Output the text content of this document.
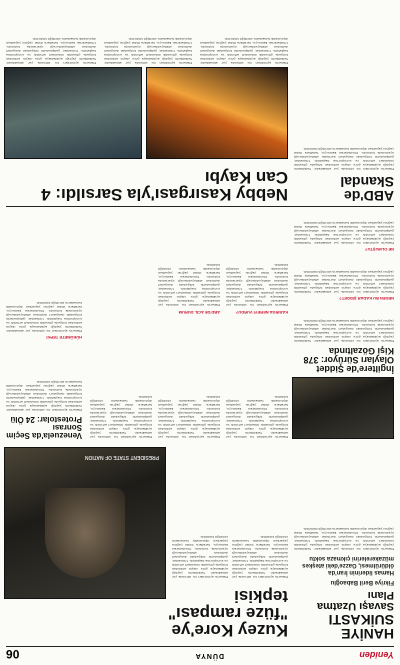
Yeniden
DÜNYA
06
HANİYE SUİKASTI
Savaşı Uzatma Planı
Fikriye Beril Babaoğlu
Hamas liderinin İran'da öldürülmesi, Gazze'deki ateşkes müzakerelerini çıkmaza soktu
Haberin ayrıntıları bu sütunda yer almaktadır. Yetkililerin yaptığı açıklamaya göre olayın ardından bölgede güvenlik önlemleri artırıldı ve soruşturma başlatıldı. Uzmanlar, gelişmelerin bölgedeki dengeleri derinden etkileyebileceği uyarısında bulundu. Uluslararası kamuoyu, taraflara itidal çağrısı yaparken diplomatik temasların sürdüğü bildirildi.
Kuzey Kore'ye "füze rampası" tepkisi
Haberin ayrıntıları bu sütunda yer almaktadır. Yetkililerin yaptığı açıklamaya göre olayın ardından bölgede güvenlik önlemleri artırıldı ve soruşturma başlatıldı. Uzmanlar, gelişmelerin bölgedeki dengeleri derinden etkileyebileceği uyarısında bulundu. Uluslararası kamuoyu, taraflara itidal çağrısı yaparken diplomatik temasların sürdüğü bildirildi.
Haberin ayrıntıları bu sütunda yer almaktadır. Yetkililerin yaptığı açıklamaya göre olayın ardından bölgede güvenlik önlemleri artırıldı ve soruşturma başlatıldı. Uzmanlar, gelişmelerin bölgedeki dengeleri derinden etkileyebileceği uyarısında bulundu. Uluslararası kamuoyu, taraflara itidal çağrısı yaparken diplomatik temasların sürdüğü bildirildi.
PRESIDENT STATE OF NATION
İngiltere'de Şiddet Olayları Sürüyor: 378 Kişi Gözaltında
Haberin ayrıntıları bu sütunda yer almaktadır. Yetkililerin yaptığı açıklamaya göre olayın ardından bölgede güvenlik önlemleri artırıldı ve soruşturma başlatıldı. Uzmanlar, gelişmelerin bölgedeki dengeleri derinden etkileyebileceği uyarısında bulundu. Uluslararası kamuoyu, taraflara itidal çağrısı yaparken diplomatik temasların sürdüğü bildirildi.
NEDEN BU KADAR ŞİDDET?
Haberin ayrıntıları bu sütunda yer almaktadır. Yetkililerin yaptığı açıklamaya göre olayın ardından bölgede güvenlik önlemleri artırıldı ve soruşturma başlatıldı. Uzmanlar, gelişmelerin bölgedeki dengeleri derinden etkileyebileceği uyarısında bulundu. Uluslararası kamuoyu, taraflara itidal çağrısı yaparken diplomatik temasların sürdüğü bildirildi.
NE OLMUŞTU?
Haberin ayrıntıları bu sütunda yer almaktadır. Yetkililerin yaptığı açıklamaya göre olayın ardından bölgede güvenlik önlemleri artırıldı ve soruşturma başlatıldı. Uzmanlar, gelişmelerin bölgedeki dengeleri derinden etkileyebileceği uyarısında bulundu. Uluslararası kamuoyu, taraflara itidal çağrısı yaparken diplomatik temasların sürdüğü bildirildi.
Haberin ayrıntıları bu sütunda yer almaktadır. Yetkililerin yaptığı açıklamaya göre olayın ardından bölgede güvenlik önlemleri artırıldı ve soruşturma başlatıldı. Uzmanlar, gelişmelerin bölgedeki dengeleri derinden etkileyebileceği uyarısında bulundu. Uluslararası kamuoyu, taraflara itidal çağrısı yaparken diplomatik temasların sürdüğü bildirildi.
KASIRGA NEREYİ VURDU?
Haberin ayrıntıları bu sütunda yer almaktadır. Yetkililerin yaptığı açıklamaya göre olayın ardından bölgede güvenlik önlemleri artırıldı ve soruşturma başlatıldı. Uzmanlar, gelişmelerin bölgedeki dengeleri derinden etkileyebileceği uyarısında bulundu. Uluslararası kamuoyu, taraflara itidal çağrısı yaparken diplomatik temasların sürdüğü bildirildi.
Haberin ayrıntıları bu sütunda yer almaktadır. Yetkililerin yaptığı açıklamaya göre olayın ardından bölgede güvenlik önlemleri artırıldı ve soruşturma başlatıldı. Uzmanlar, gelişmelerin bölgedeki dengeleri derinden etkileyebileceği uyarısında bulundu. Uluslararası kamuoyu, taraflara itidal çağrısı yaparken diplomatik temasların sürdüğü bildirildi.
ABD'DE ACİL DURUM
Haberin ayrıntıları bu sütunda yer almaktadır. Yetkililerin yaptığı açıklamaya göre olayın ardından bölgede güvenlik önlemleri artırıldı ve soruşturma başlatıldı. Uzmanlar, gelişmelerin bölgedeki dengeleri derinden etkileyebileceği uyarısında bulundu. Uluslararası kamuoyu, taraflara itidal çağrısı yaparken diplomatik temasların sürdüğü bildirildi.
Haberin ayrıntıları bu sütunda yer almaktadır. Yetkililerin yaptığı açıklamaya göre olayın ardından bölgede güvenlik önlemleri artırıldı ve soruşturma başlatıldı. Uzmanlar, gelişmelerin bölgedeki dengeleri derinden etkileyebileceği uyarısında bulundu. Uluslararası kamuoyu, taraflara itidal çağrısı yaparken diplomatik temasların sürdüğü bildirildi.
Venezuela'da Seçim Sonrası Protestolar: 24 Ölü
Haberin ayrıntıları bu sütunda yer almaktadır. Yetkililerin yaptığı açıklamaya göre olayın ardından bölgede güvenlik önlemleri artırıldı ve soruşturma başlatıldı. Uzmanlar, gelişmelerin bölgedeki dengeleri derinden etkileyebileceği uyarısında bulundu. Uluslararası kamuoyu, taraflara itidal çağrısı yaparken diplomatik temasların sürdüğü bildirildi.
HÜKÜMETE TEPKİ
Haberin ayrıntıları bu sütunda yer almaktadır. Yetkililerin yaptığı açıklamaya göre olayın ardından bölgede güvenlik önlemleri artırıldı ve soruşturma başlatıldı. Uzmanlar, gelişmelerin bölgedeki dengeleri derinden etkileyebileceği uyarısında bulundu. Uluslararası kamuoyu, taraflara itidal çağrısı yaparken diplomatik temasların sürdüğü bildirildi.
Nebby Kasırgası'yla Sarsıldı: 4 Can Kaybı
ABD'de Skandal
Haberin ayrıntıları bu sütunda yer almaktadır. Yetkililerin yaptığı açıklamaya göre olayın ardından bölgede güvenlik önlemleri artırıldı ve soruşturma başlatıldı. Uzmanlar, gelişmelerin bölgedeki dengeleri derinden etkileyebileceği uyarısında bulundu. Uluslararası kamuoyu, taraflara itidal çağrısı yaparken diplomatik temasların sürdüğü bildirildi.
Haberin ayrıntıları bu sütunda yer almaktadır. Yetkililerin yaptığı açıklamaya göre olayın ardından bölgede güvenlik önlemleri artırıldı ve soruşturma başlatıldı. Uzmanlar, gelişmelerin bölgedeki dengeleri derinden etkileyebileceği uyarısında bulundu. Uluslararası kamuoyu, taraflara itidal çağrısı yaparken diplomatik temasların sürdüğü bildirildi.
Haberin ayrıntıları bu sütunda yer almaktadır. Yetkililerin yaptığı açıklamaya göre olayın ardından bölgede güvenlik önlemleri artırıldı ve soruşturma başlatıldı. Uzmanlar, gelişmelerin bölgedeki dengeleri derinden etkileyebileceği uyarısında bulundu. Uluslararası kamuoyu, taraflara itidal çağrısı yaparken diplomatik temasların sürdüğü bildirildi.
Haberin ayrıntıları bu sütunda yer almaktadır. Yetkililerin yaptığı açıklamaya göre olayın ardından bölgede güvenlik önlemleri artırıldı ve soruşturma başlatıldı. Uzmanlar, gelişmelerin bölgedeki dengeleri derinden etkileyebileceği uyarısında bulundu. Uluslararası kamuoyu, taraflara itidal çağrısı yaparken diplomatik temasların sürdüğü bildirildi.
